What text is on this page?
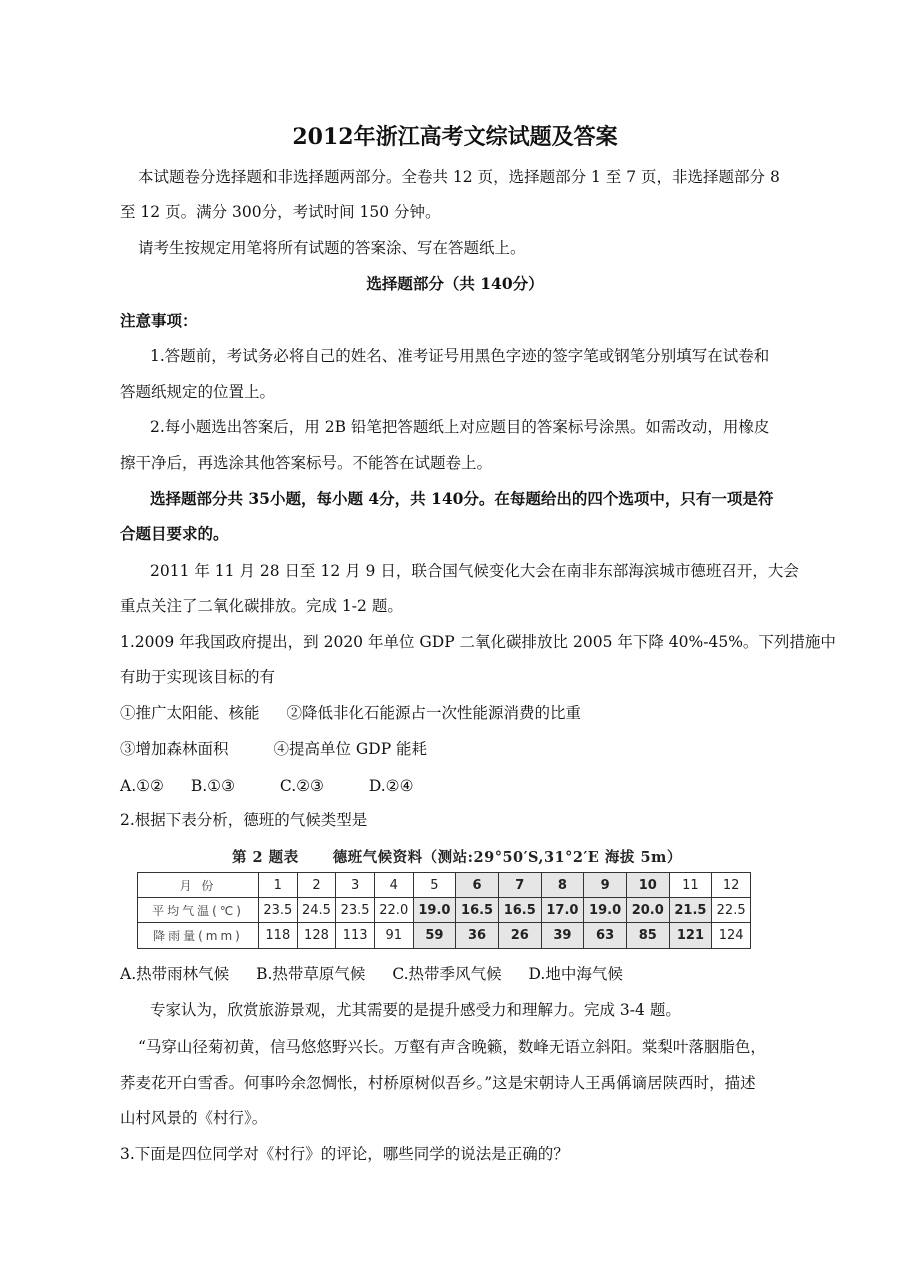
2012年浙江高考文综试题及答案
本试题卷分选择题和非选择题两部分。全卷共 12 页，选择题部分 1 至 7 页，非选择题部分 8
至 12 页。满分 300分，考试时间 150 分钟。
请考生按规定用笔将所有试题的答案涂、写在答题纸上。
选择题部分（共 140分）
注意事项：
1.答题前，考试务必将自己的姓名、准考证号用黑色字迹的签字笔或钢笔分别填写在试卷和
答题纸规定的位置上。
2.每小题选出答案后，用 2B 铅笔把答题纸上对应题目的答案标号涂黑。如需改动，用橡皮
擦干净后，再选涂其他答案标号。不能答在试题卷上。
选择题部分共 35小题，每小题 4分，共 140分。在每题给出的四个选项中，只有一项是符
合题目要求的。
2011 年 11 月 28 日至 12 月 9 日，联合国气候变化大会在南非东部海滨城市德班召开，大会
重点关注了二氧化碳排放。完成 1-2 题。
1.2009 年我国政府提出，到 2020 年单位 GDP 二氧化碳排放比 2005 年下降 40%-45%。下列措施中
有助于实现该目标的有
①推广太阳能、核能 ②降低非化石能源占一次性能源消费的比重
③增加森林面积	④提高单位 GDP 能耗
A.①② B.①③	C.②③	D.②④
2.根据下表分析，德班的气候类型是
第 2 题表 德班气候资料（测站:29°50′S,31°2′E 海拔 5m）
月 份	1	2	3	4	5	6	7	8	9	10	11	12
平均气温(℃)	23.5	24.5	23.5	22.0	19.0	16.5	16.5	17.0	19.0	20.0	21.5	22.5
降雨量(mm)	118	128	113	91	59	36	26	39	63	85	121	124
A.热带雨林气候 B.热带草原气候 C.热带季风气候 D.地中海气候
专家认为，欣赏旅游景观，尤其需要的是提升感受力和理解力。完成 3-4 题。
“马穿山径菊初黄，信马悠悠野兴长。万壑有声含晚籁，数峰无语立斜阳。棠梨叶落胭脂色，
荞麦花开白雪香。何事吟余忽惆怅，村桥原树似吾乡。”这是宋朝诗人王禹偁谪居陕西时，描述
山村风景的《村行》。
3.下面是四位同学对《村行》的评论，哪些同学的说法是正确的？
